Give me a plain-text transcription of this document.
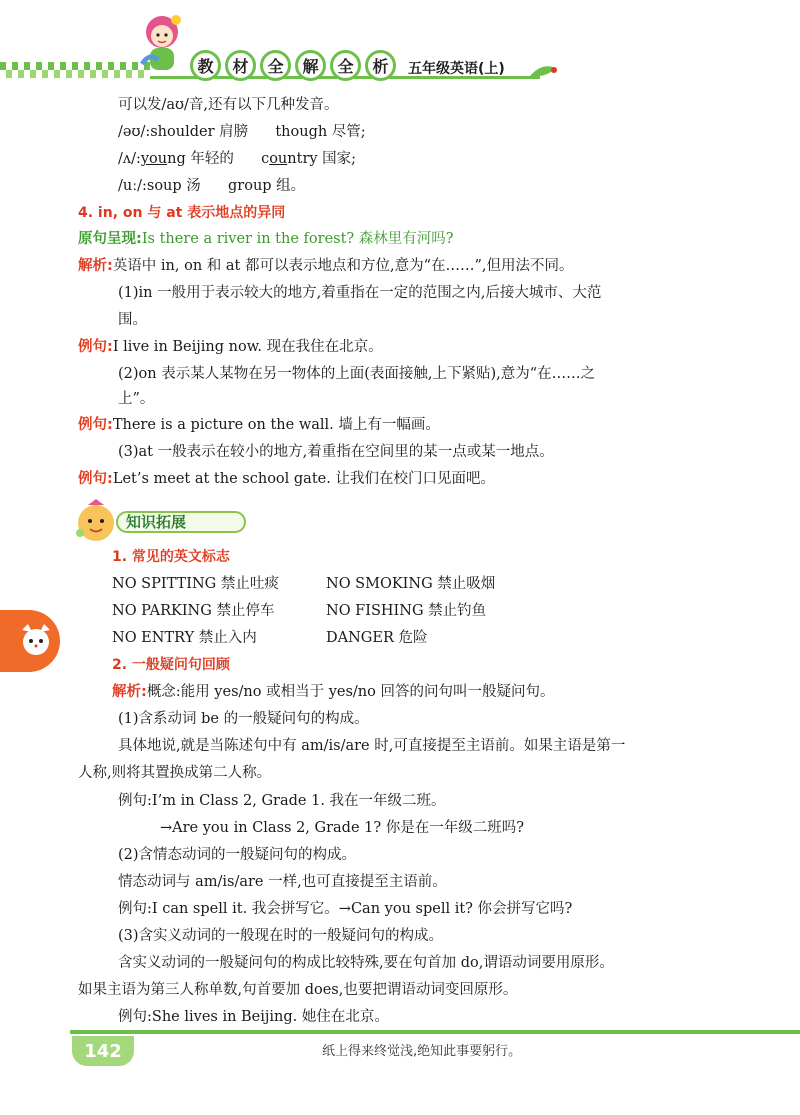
教	材	全	解	全	析	五年级英语(上)
可以发/aʊ/音,还有以下几种发音。
/əʊ/:shoulder 肩膀 though 尽管;
/ʌ/:young 年轻的 country 国家;
/uː/:soup 汤 group 组。
4. in, on 与 at 表示地点的异同
原句呈现:Is there a river in the forest? 森林里有河吗?
解析:英语中 in, on 和 at 都可以表示地点和方位,意为“在……”,但用法不同。
(1)in 一般用于表示较大的地方,着重指在一定的范围之内,后接大城市、大范
围。
例句:I live in Beijing now. 现在我住在北京。
(2)on 表示某人某物在另一物体的上面(表面接触,上下紧贴),意为“在……之
上”。
例句:There is a picture on the wall. 墙上有一幅画。
(3)at 一般表示在较小的地方,着重指在空间里的某一点或某一地点。
例句:Let’s meet at the school gate. 让我们在校门口见面吧。
知识拓展
1. 常见的英文标志
NO SPITTING 禁止吐痰	NO SMOKING 禁止吸烟
NO PARKING 禁止停车	NO FISHING 禁止钓鱼
NO ENTRY 禁止入内	DANGER 危险
2. 一般疑问句回顾
解析:概念:能用 yes/no 或相当于 yes/no 回答的问句叫一般疑问句。
(1)含系动词 be 的一般疑问句的构成。
具体地说,就是当陈述句中有 am/is/are 时,可直接提至主语前。如果主语是第一
人称,则将其置换成第二人称。
例句:I’m in Class 2, Grade 1. 我在一年级二班。
→Are you in Class 2, Grade 1? 你是在一年级二班吗?
(2)含情态动词的一般疑问句的构成。
情态动词与 am/is/are 一样,也可直接提至主语前。
例句:I can spell it. 我会拼写它。→Can you spell it? 你会拼写它吗?
(3)含实义动词的一般现在时的一般疑问句的构成。
含实义动词的一般疑问句的构成比较特殊,要在句首加 do,谓语动词要用原形。
如果主语为第三人称单数,句首要加 does,也要把谓语动词变回原形。
例句:She lives in Beijing. 她住在北京。
142	纸上得来终觉浅,绝知此事要躬行。
